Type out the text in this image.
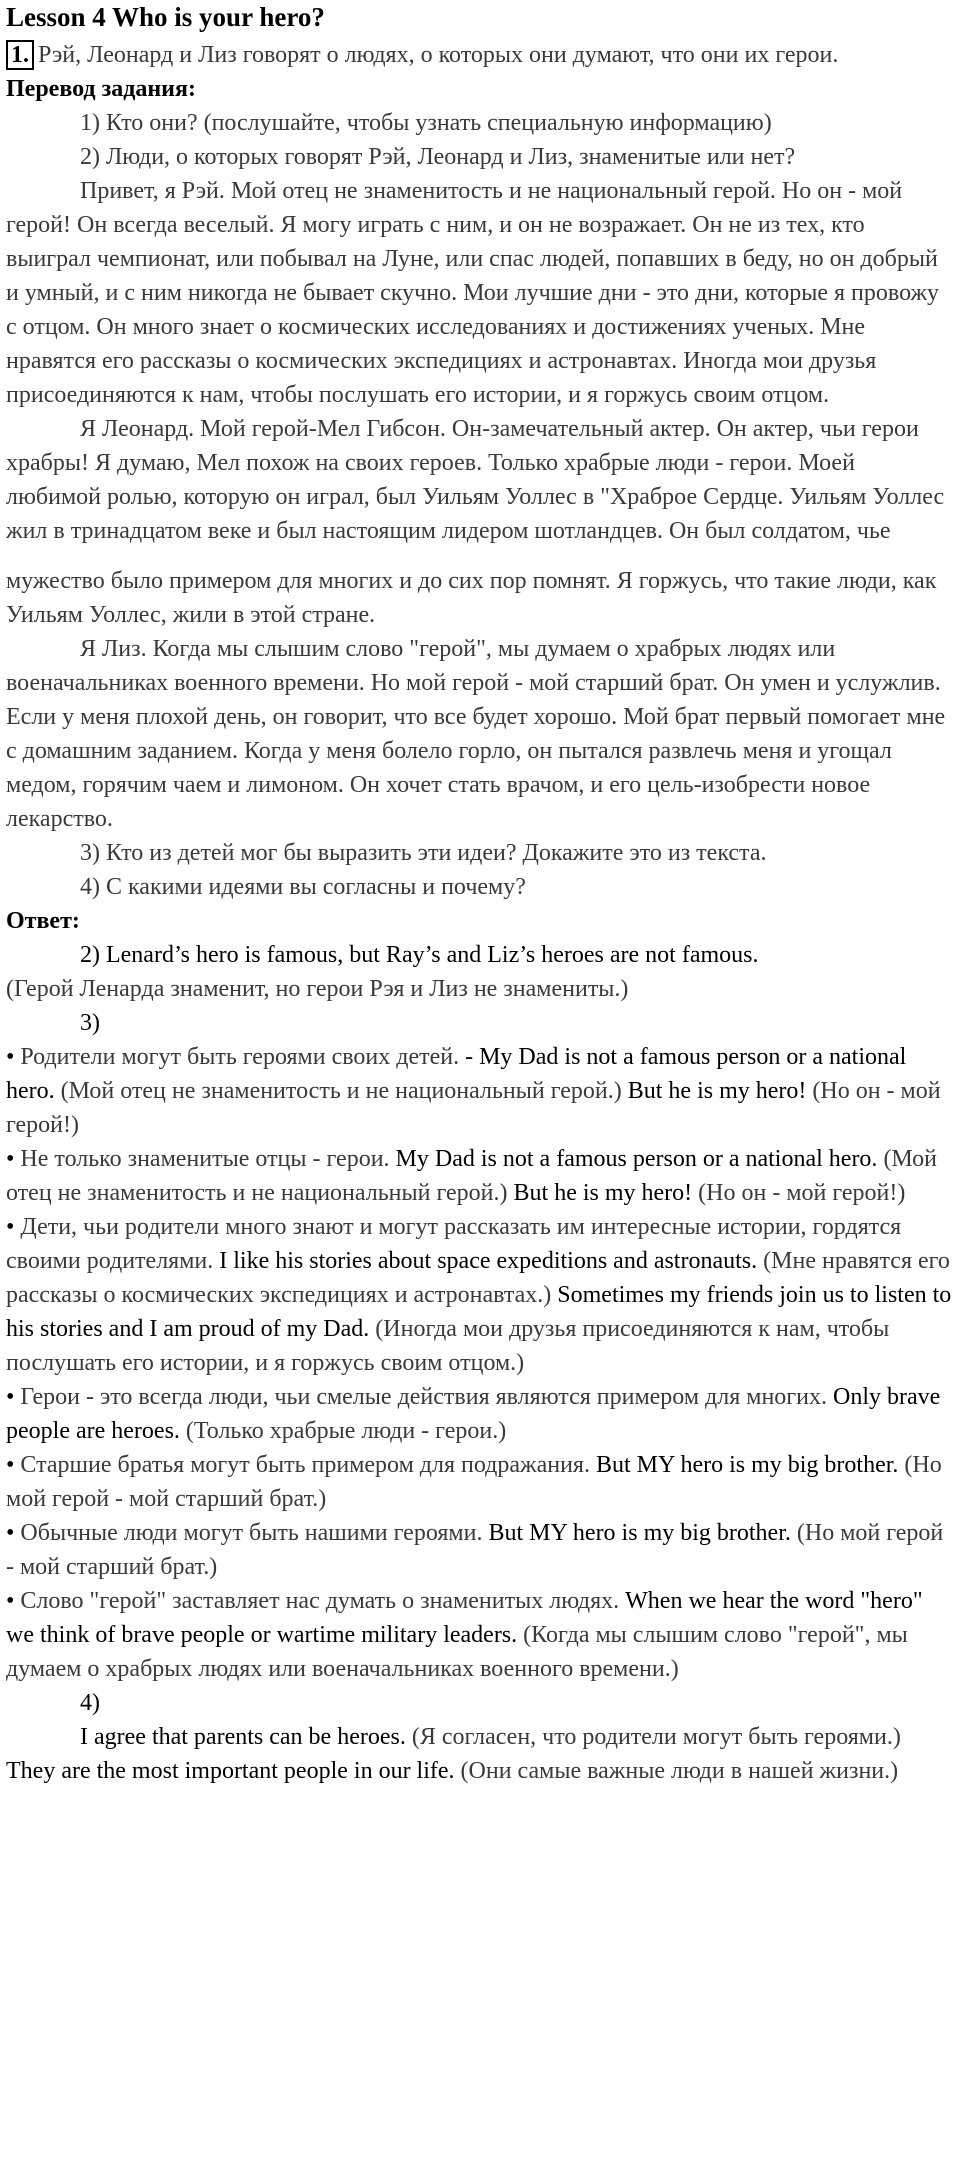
Lesson 4 Who is your hero?

1. Рэй, Леонард и Лиз говорят о людях, о которых они думают, что они их герои.

Перевод задания:

1) Кто они? (послушайте, чтобы узнать специальную информацию)

2) Люди, о которых говорят Рэй, Леонард и Лиз, знаменитые или нет?

Привет, я Рэй. Мой отец не знаменитость и не национальный герой. Но он - мой герой! Он всегда веселый. Я могу играть с ним, и он не возражает. Он не из тех, кто выиграл чемпионат, или побывал на Луне, или спас людей, попавших в беду, но он добрый и умный, и с ним никогда не бывает скучно. Мои лучшие дни - это дни, которые я провожу с отцом. Он много знает о космических исследованиях и достижениях ученых. Мне нравятся его рассказы о космических экспедициях и астронавтах. Иногда мои друзья присоединяются к нам, чтобы послушать его истории, и я горжусь своим отцом.

Я Леонард. Мой герой-Мел Гибсон. Он-замечательный актер. Он актер, чьи герои храбры! Я думаю, Мел похож на своих героев. Только храбрые люди - герои. Моей любимой ролью, которую он играл, был Уильям Уоллес в "Храброе Сердце. Уильям Уоллес жил в тринадцатом веке и был настоящим лидером шотландцев. Он был солдатом, чье

мужество было примером для многих и до сих пор помнят. Я горжусь, что такие люди, как Уильям Уоллес, жили в этой стране.

Я Лиз. Когда мы слышим слово "герой", мы думаем о храбрых людях или военачальниках военного времени. Но мой герой - мой старший брат. Он умен и услужлив. Если у меня плохой день, он говорит, что все будет хорошо. Мой брат первый помогает мне с домашним заданием. Когда у меня болело горло, он пытался развлечь меня и угощал медом, горячим чаем и лимоном. Он хочет стать врачом, и его цель-изобрести новое лекарство.

3) Кто из детей мог бы выразить эти идеи? Докажите это из текста.

4) С какими идеями вы согласны и почему?

Ответ:

2) Lenard’s hero is famous, but Ray’s and Liz’s heroes are not famous.

(Герой Ленарда знаменит, но герои Рэя и Лиз не знамениты.)

3)

• Родители могут быть героями своих детей. - My Dad is not a famous person or a national hero. (Мой отец не знаменитость и не национальный герой.) But he is my hero! (Но он - мой герой!)

• Не только знаменитые отцы - герои. My Dad is not a famous person or a national hero. (Мой отец не знаменитость и не национальный герой.) But he is my hero! (Но он - мой герой!)

• Дети, чьи родители много знают и могут рассказать им интересные истории, гордятся своими родителями. I like his stories about space expeditions and astronauts. (Мне нравятся его рассказы о космических экспедициях и астронавтах.) Sometimes my friends join us to listen to his stories and I am proud of my Dad. (Иногда мои друзья присоединяются к нам, чтобы послушать его истории, и я горжусь своим отцом.)

• Герои - это всегда люди, чьи смелые действия являются примером для многих. Only brave people are heroes. (Только храбрые люди - герои.)

• Старшие братья могут быть примером для подражания. But MY hero is my big brother. (Но мой герой - мой старший брат.)

• Обычные люди могут быть нашими героями. But MY hero is my big brother. (Но мой герой - мой старший брат.)

• Слово "герой" заставляет нас думать о знаменитых людях. When we hear the word "hero" we think of brave people or wartime military leaders. (Когда мы слышим слово "герой", мы думаем о храбрых людях или военачальниках военного времени.)

4)

I agree that parents can be heroes. (Я согласен, что родители могут быть героями.) They are the most important people in our life. (Они самые важные люди в нашей жизни.)
